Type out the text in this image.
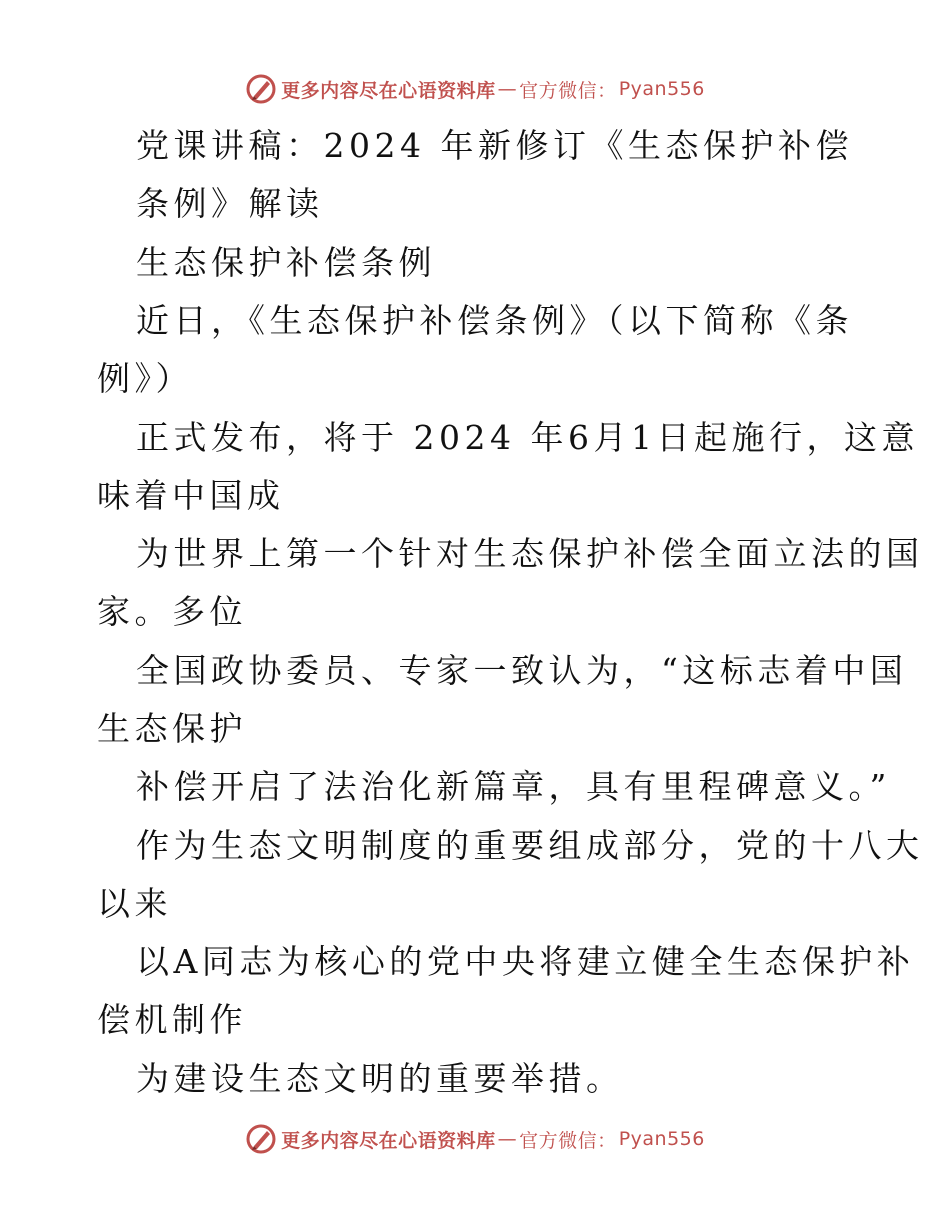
更多内容尽在心语资料库 — 官方微信： Pyan556
党课讲稿：2024 年新修订《生态保护补偿
条例》解读
生态保护补偿条例
近日，《生态保护补偿条例》（以下简称《条
例》）
正式发布，将于 2024 年6月1日起施行，这意
味着中国成
为世界上第一个针对生态保护补偿全面立法的国
家。多位
全国政协委员、专家一致认为，“这标志着中国
生态保护
补偿开启了法治化新篇章，具有里程碑意义。”
作为生态文明制度的重要组成部分，党的十八大
以来
以A同志为核心的党中央将建立健全生态保护补
偿机制作
为建设生态文明的重要举措。
更多内容尽在心语资料库 — 官方微信： Pyan556
